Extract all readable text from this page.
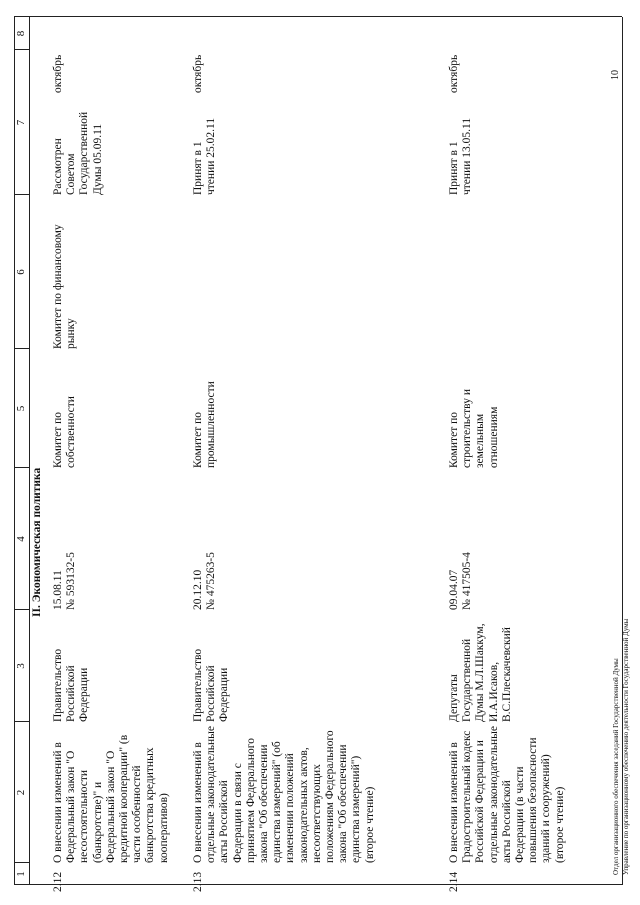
1
2
3
4
5
6
7
8
II. Экономическая политика
2.12
О внесении изменений в Федеральный закон "О несостоятельности (банкротстве)" и Федеральный закон "О кредитной кооперации" (в части особенностей банкротства кредитных кооперативов)
Правительство Российской Федерации
15.08.11
№ 593132-5
Комитет по собственности
Комитет по финансовому рынку
Рассмотрен Советом Государственной Думы 05.09.11
октябрь
2.13
О внесении изменений в отдельные законодательные акты Российской Федерации в связи с принятием Федерального закона "Об обеспечении единства измерений" (об изменении положений законодательных актов, несоответствующих положениям Федерального закона "Об обеспечении единства измерений") (второе чтение)
Правительство Российской Федерации
20.12.10
№ 475263-5
Комитет по промышленности
Принят в 1 чтении 25.02.11
октябрь
2.14
О внесении изменений в Градостроительный кодекс Российской Федерации и отдельные законодательные акты Российской Федерации (в части повышения безопасности зданий и сооружений) (второе чтение)
Депутаты Государственной Думы М.Л.Шаккум, И.А.Исаков, В.С.Плескачевский
09.04.07
№ 417505-4
Комитет по строительству и земельным отношениям
Принят в 1 чтении 13.05.11
октябрь
Отдел организационного обеспечения заседаний Государственной Думы Управление по организационному обеспечению деятельности Государственной Думы
10
